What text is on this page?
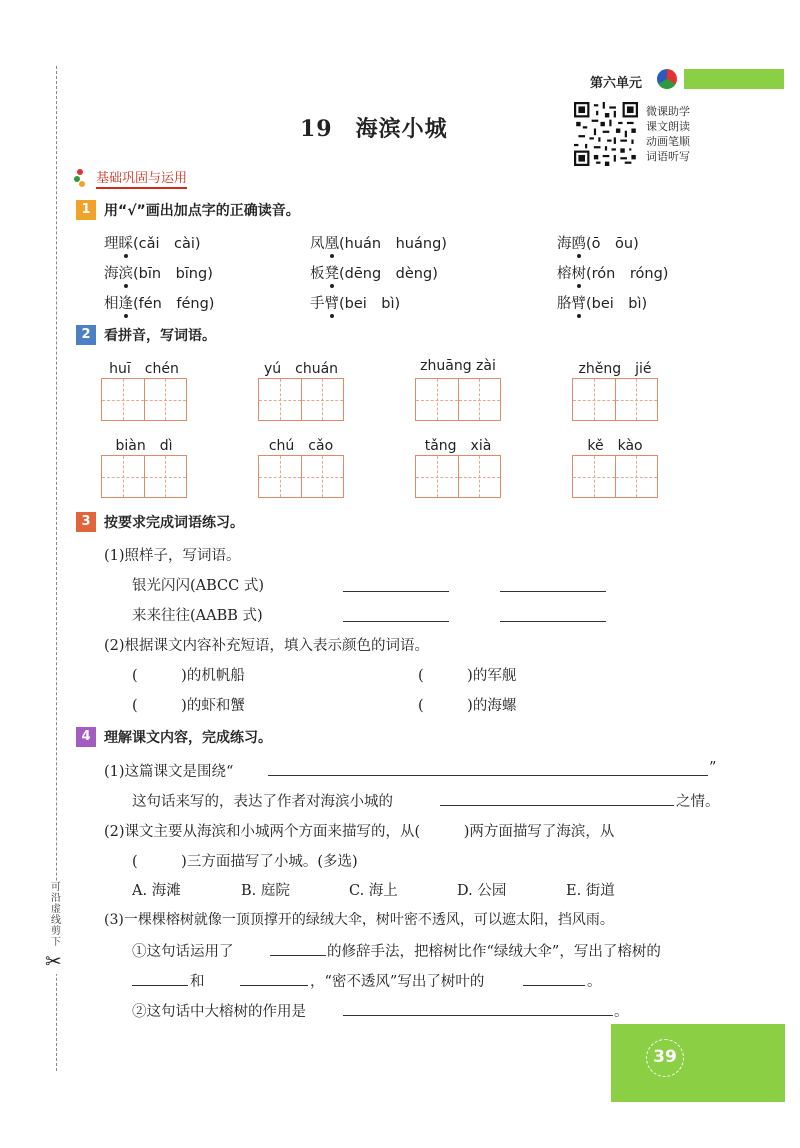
可
沿
虚
线
剪
下
✂
第六单元
19　海滨小城
微课助学
课文朗读
动画笔顺
词语听写
基础巩固与运用
1 用“√”画出加点字的正确读音。
理睬(cǎi　cài)	凤凰(huán　huáng)	海鸥(ō　ōu)
海滨(bīn　bīng)	板凳(dēng　dèng)	榕树(rón　róng)
相逢(fén　féng)	手臂(bei　bì)	胳臂(bei　bì)
2 看拼音，写词语。
huī　chén	yú　chuán	zhuāng zài	zhěng　jié
biàn　dì	chú　cǎo	tǎng　xià	kě　kào
3 按要求完成词语练习。
(1)照样子，写词语。
银光闪闪(ABCC 式)
来来往往(AABB 式)
(2)根据课文内容补充短语，填入表示颜色的词语。
(　　　)的机帆船	(　　　)的军舰
(　　　)的虾和蟹	(　　　)的海螺
4 理解课文内容，完成练习。
(1)这篇课文是围绕“	”
这句话来写的，表达了作者对海滨小城的	之情。
(2)课文主要从海滨和小城两个方面来描写的，从(　　　)两方面描写了海滨，从
(　　　)三方面描写了小城。(多选)
A. 海滩	B. 庭院	C. 海上	D. 公园	E. 街道
(3)一棵棵榕树就像一顶顶撑开的绿绒大伞，树叶密不透风，可以遮太阳，挡风雨。
①这句话运用了	的修辞手法，把榕树比作“绿绒大伞”，写出了榕树的
和	，“密不透风”写出了树叶的	。
②这句话中大榕树的作用是	。
39
